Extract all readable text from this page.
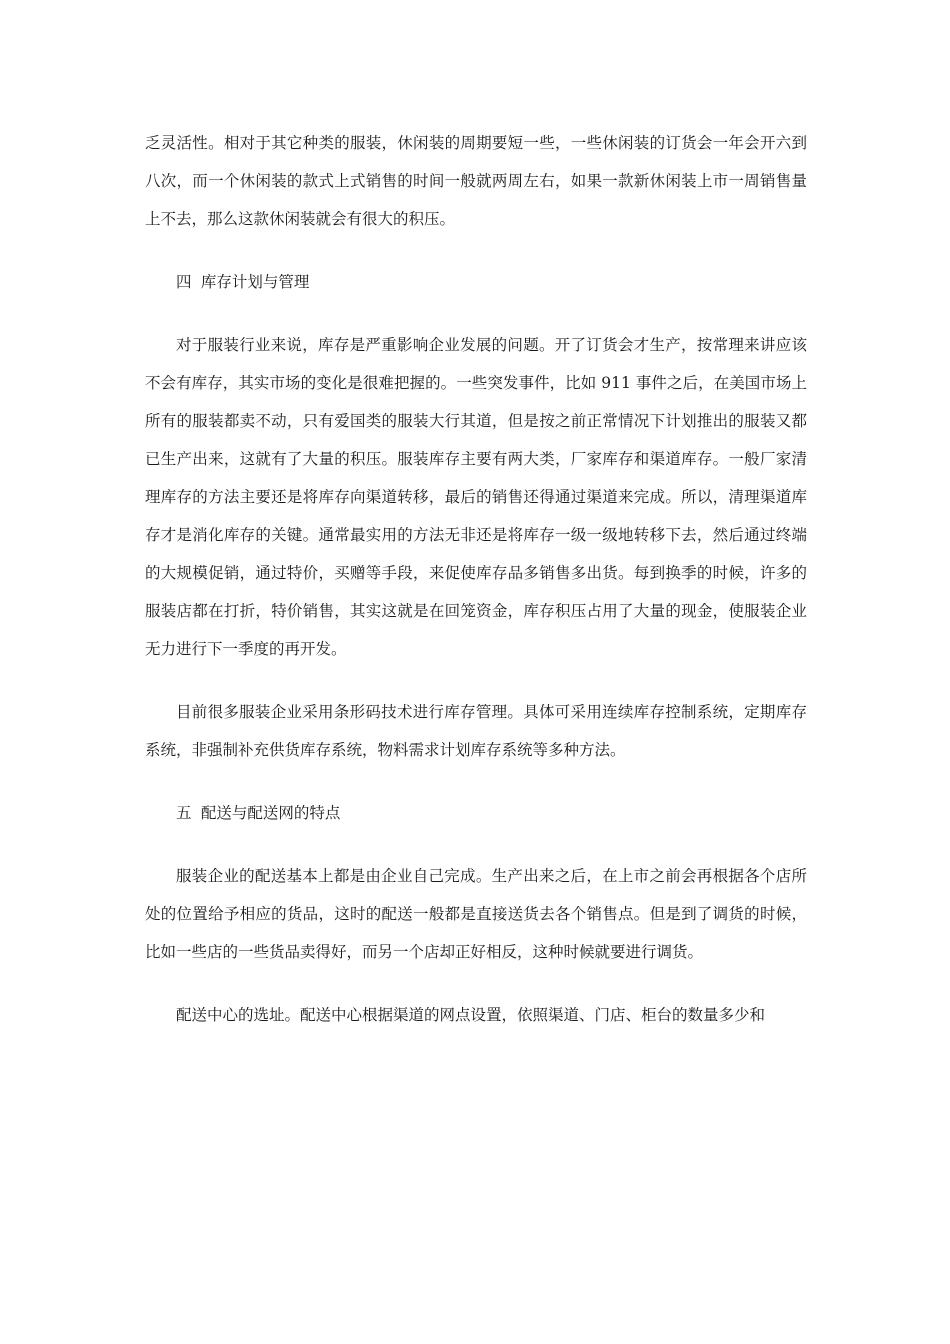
乏灵活性。相对于其它种类的服装，休闲装的周期要短一些，一些休闲装的订货会一年会开六到八次，而一个休闲装的款式上式销售的时间一般就两周左右，如果一款新休闲装上市一周销售量上不去，那么这款休闲装就会有很大的积压。

四 库存计划与管理

对于服装行业来说，库存是严重影响企业发展的问题。开了订货会才生产，按常理来讲应该不会有库存，其实市场的变化是很难把握的。一些突发事件，比如 911 事件之后，在美国市场上所有的服装都卖不动，只有爱国类的服装大行其道，但是按之前正常情况下计划推出的服装又都已生产出来，这就有了大量的积压。服装库存主要有两大类，厂家库存和渠道库存。一般厂家清理库存的方法主要还是将库存向渠道转移，最后的销售还得通过渠道来完成。所以，清理渠道库存才是消化库存的关键。通常最实用的方法无非还是将库存一级一级地转移下去，然后通过终端的大规模促销，通过特价，买赠等手段，来促使库存品多销售多出货。每到换季的时候，许多的服装店都在打折，特价销售，其实这就是在回笼资金，库存积压占用了大量的现金，使服装企业无力进行下一季度的再开发。

目前很多服装企业采用条形码技术进行库存管理。具体可采用连续库存控制系统，定期库存系统，非强制补充供货库存系统，物料需求计划库存系统等多种方法。

五 配送与配送网的特点

服装企业的配送基本上都是由企业自己完成。生产出来之后，在上市之前会再根据各个店所处的位置给予相应的货品，这时的配送一般都是直接送货去各个销售点。但是到了调货的时候，比如一些店的一些货品卖得好，而另一个店却正好相反，这种时候就要进行调货。

配送中心的选址。配送中心根据渠道的网点设置，依照渠道、门店、柜台的数量多少和
